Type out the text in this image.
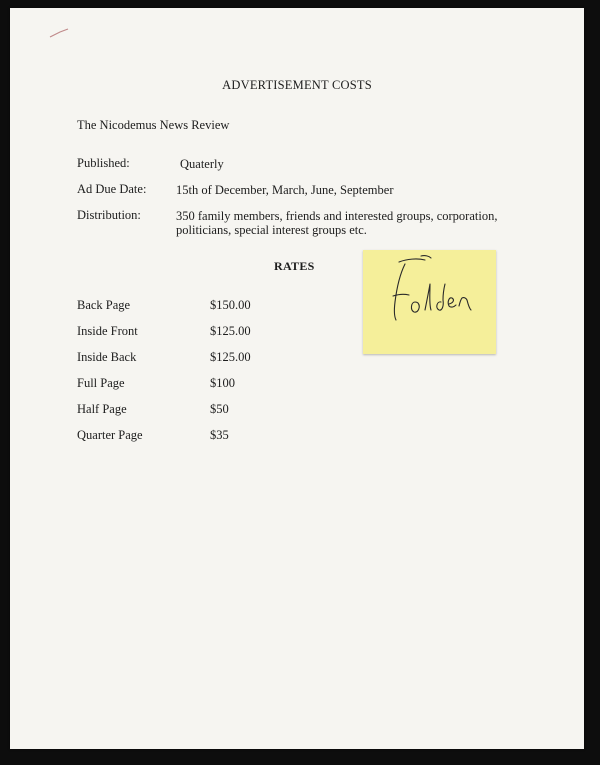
ADVERTISEMENT COSTS
The Nicodemus News Review
Published:	Quaterly
Ad Due Date: 15th of December, March, June, September
Distribution:	350 family members, friends and interested groups, corporation,
politicians, special interest groups etc.
RATES
Back Page	$150.00
Inside Front	$125.00
Inside Back	$125.00
Full Page	$100
Half Page	$50
Quarter Page	$35
